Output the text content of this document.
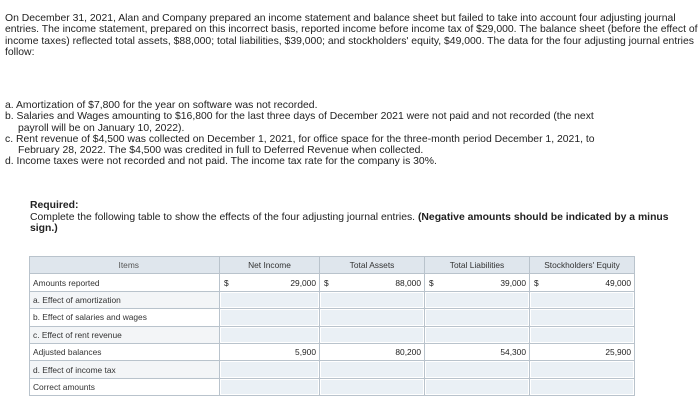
On December 31, 2021, Alan and Company prepared an income statement and balance sheet but failed to take into account four adjusting journal entries. The income statement, prepared on this incorrect basis, reported income before income tax of $29,000. The balance sheet (before the effect of income taxes) reflected total assets, $88,000; total liabilities, $39,000; and stockholders' equity, $49,000. The data for the four adjusting journal entries follow:
a. Amortization of $7,800 for the year on software was not recorded.
b. Salaries and Wages amounting to $16,800 for the last three days of December 2021 were not paid and not recorded (the next
payroll will be on January 10, 2022).
c. Rent revenue of $4,500 was collected on December 1, 2021, for office space for the three-month period December 1, 2021, to
February 28, 2022. The $4,500 was credited in full to Deferred Revenue when collected.
d. Income taxes were not recorded and not paid. The income tax rate for the company is 30%.
Required:
Complete the following table to show the effects of the four adjusting journal entries. (Negative amounts should be indicated by a minus sign.)
Items	Net Income	Total Assets	Total Liabilities	Stockholders' Equity
Amounts reported	$ 29,000	$ 88,000	$ 39,000	$ 49,000
a. Effect of amortization				
b. Effect of salaries and wages				
c. Effect of rent revenue				
Adjusted balances	5,900	80,200	54,300	25,900
d. Effect of income tax				
Correct amounts				
